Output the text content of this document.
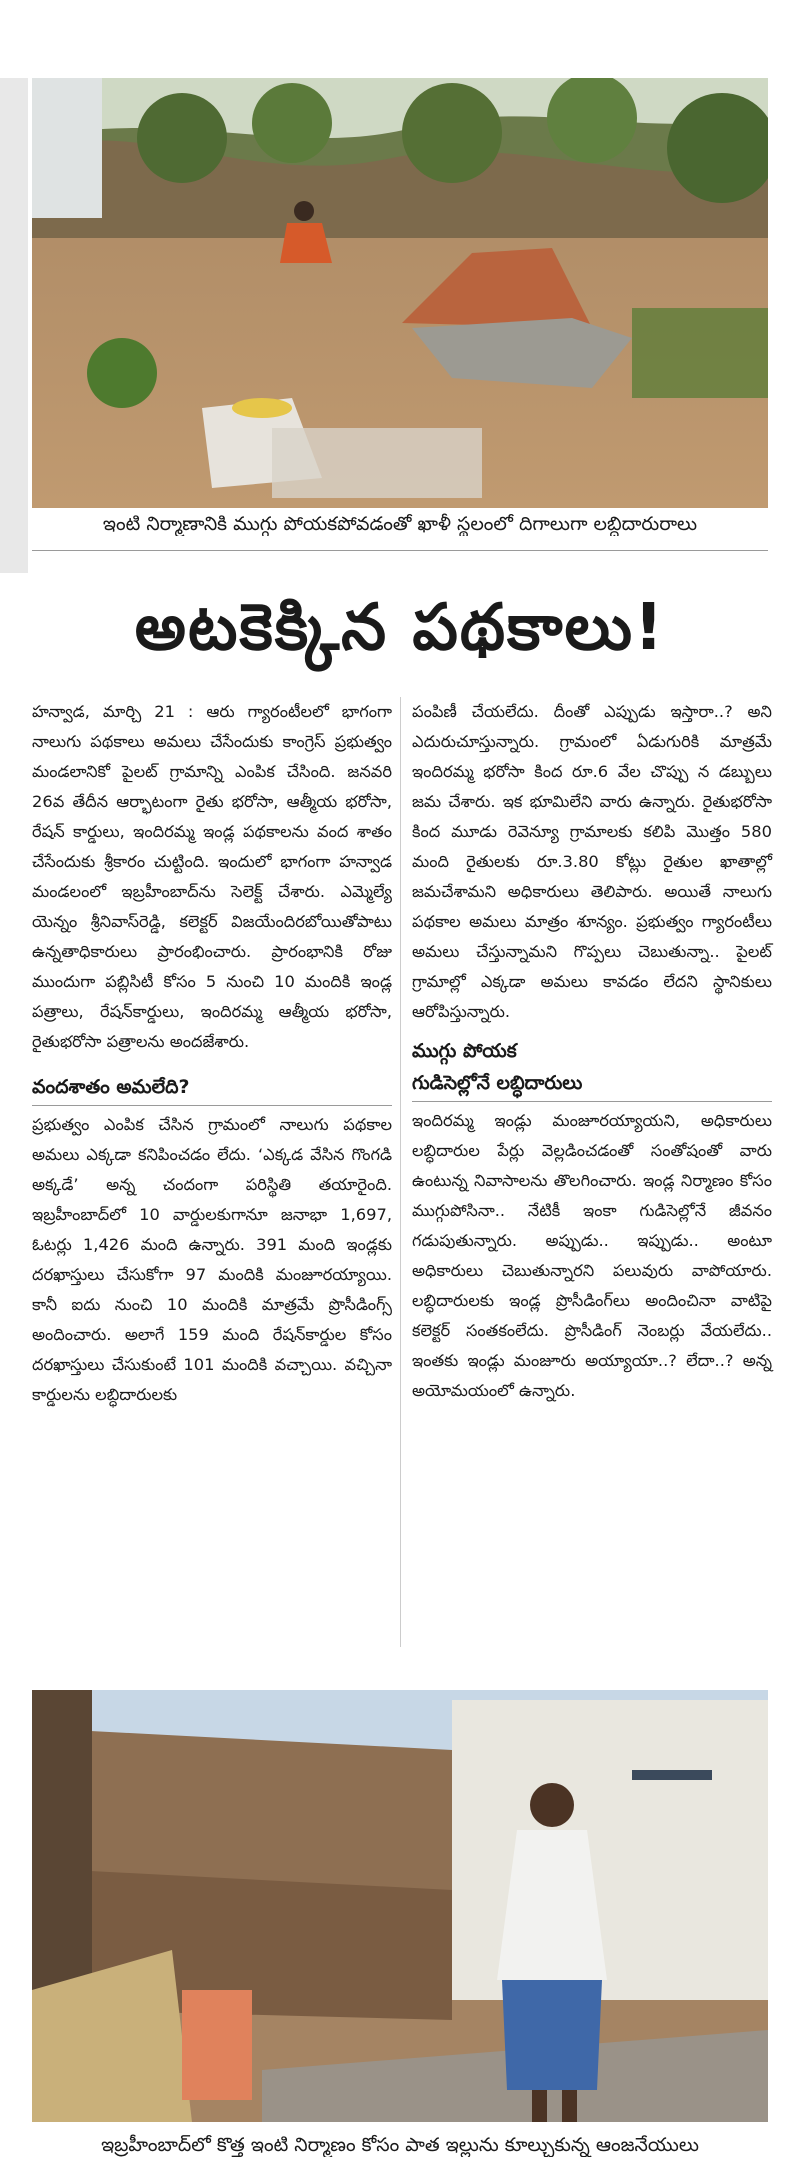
ఇంటి నిర్మాణానికి ముగ్గు పోయకపోవడంతో ఖాళీ స్థలంలో దిగాలుగా లబ్ధిదారురాలు
అటకెక్కిన పథకాలు!

హన్వాడ, మార్చి 21 : ఆరు గ్యారంటీలలో భాగంగా నాలుగు పథకాలు అమలు చేసేందుకు కాంగ్రెస్‌ ప్రభుత్వం మండలానికో పైలట్‌ గ్రామాన్ని ఎంపిక చేసింది. జనవరి 26వ తేదీన ఆర్భాటంగా రైతు భరోసా, ఆత్మీయ భరోసా, రేషన్‌ కార్డులు, ఇందిరమ్మ ఇండ్ల పథకాలను వంద శాతం చేసేందుకు శ్రీకారం చుట్టింది. ఇందులో భాగంగా హన్వాడ మండలంలో ఇబ్రహీంబాద్‌ను సెలెక్ట్‌ చేశారు. ఎమ్మెల్యే యెన్నం శ్రీనివాస్‌రెడ్డి, కలెక్టర్‌ విజయేందిరబోయితోపాటు ఉన్నతాధికారులు ప్రారంభించారు. ప్రారంభానికి రోజు ముందుగా పబ్లిసిటీ కోసం 5 నుంచి 10 మందికి ఇండ్ల పత్రాలు, రేషన్‌కార్డులు, ఇందిరమ్మ ఆత్మీయ భరోసా, రైతుభరోసా పత్రాలను అందజేశారు.

వందశాతం అమలేది?

ప్రభుత్వం ఎంపిక చేసిన గ్రామంలో నాలుగు పథకాల అమలు ఎక్కడా కనిపించడం లేదు. ‘ఎక్కడ వేసిన గొంగడి అక్కడే’ అన్న చందంగా పరిస్థితి తయారైంది. ఇబ్రహీంబాద్‌లో 10 వార్డులకుగానూ జనాభా 1,697, ఓటర్లు 1,426 మంది ఉన్నారు. 391 మంది ఇండ్లకు దరఖాస్తులు చేసుకోగా 97 మందికి మంజూరయ్యాయి. కానీ ఐదు నుంచి 10 మందికి మాత్రమే ప్రొసీడింగ్స్‌ అందించారు. అలాగే 159 మంది రేషన్‌కార్డుల కోసం దరఖాస్తులు చేసుకుంటే 101 మందికి వచ్చాయి. వచ్చినా కార్డులను లబ్ధిదారులకు

పంపిణీ చేయలేదు. దీంతో ఎప్పుడు ఇస్తారా..? అని ఎదురుచూస్తున్నారు. గ్రామంలో ఏడుగురికి మాత్రమే ఇందిరమ్మ భరోసా కింద రూ.6 వేల చొప్పు న డబ్బులు జమ చేశారు. ఇక భూమిలేని వారు ఉన్నారు. రైతుభరోసా కింద మూడు రెవెన్యూ గ్రామాలకు కలిపి మొత్తం 580 మంది రైతులకు రూ.3.80 కోట్లు రైతుల ఖాతాల్లో జమచేశామని అధికారులు తెలిపారు. అయితే నాలుగు పథకాల అమలు మాత్రం శూన్యం. ప్రభుత్వం గ్యారంటీలు అమలు చేస్తున్నామని గొప్పలు చెబుతున్నా.. పైలట్‌ గ్రామాల్లో ఎక్కడా అమలు కావడం లేదని స్థానికులు ఆరోపిస్తున్నారు.

ముగ్గు పోయక
గుడిసెల్లోనే లబ్ధిదారులు

ఇందిరమ్మ ఇండ్లు మంజూరయ్యాయని, అధికారులు లబ్ధిదారుల పేర్లు వెల్లడించడంతో సంతోషంతో వారు ఉంటున్న నివాసాలను తొలగించారు. ఇండ్ల నిర్మాణం కోసం ముగ్గుపోసినా.. నేటికీ ఇంకా గుడిసెల్లోనే జీవనం గడుపుతున్నారు. అప్పుడు.. ఇప్పుడు.. అంటూ అధికారులు చెబుతున్నారని పలువురు వాపోయారు. లబ్ధిదారులకు ఇండ్ల ప్రొసీడింగ్‌లు అందించినా వాటిపై కలెక్టర్‌ సంతకంలేదు. ప్రొసీడింగ్‌ నెంబర్లు వేయలేదు.. ఇంతకు ఇండ్లు మంజూరు అయ్యాయా..? లేదా..? అన్న అయోమయంలో ఉన్నారు.

ఇబ్రహీంబాద్‌లో కొత్త ఇంటి నిర్మాణం కోసం పాత ఇల్లును కూల్చుకున్న ఆంజనేయులు
